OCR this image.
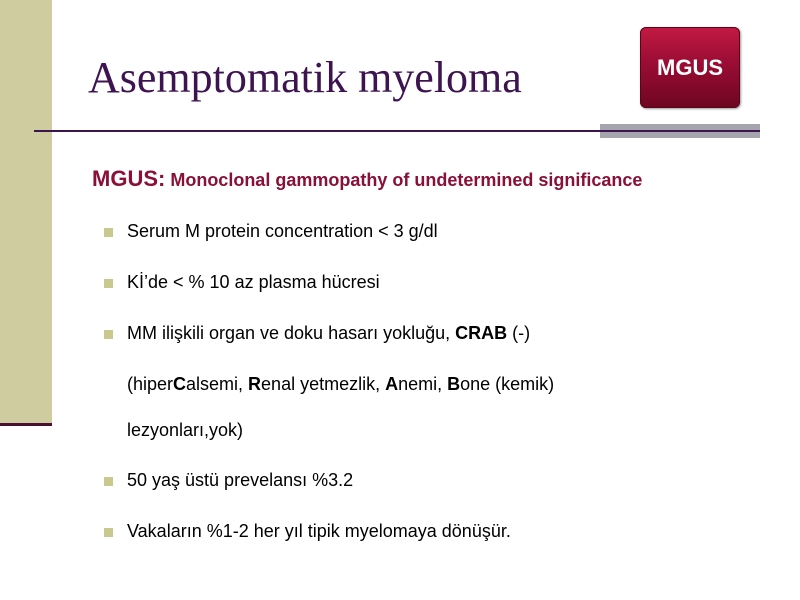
Asemptomatik myeloma	MGUS
MGUS: Monoclonal gammopathy of undetermined significance
Serum M protein concentration < 3 g/dl
Kİ’de < % 10 az plasma hücresi
MM ilişkili organ ve doku hasarı yokluğu, CRAB (-)
(hiperCalsemi, Renal yetmezlik, Anemi, Bone (kemik)
lezyonları,yok)
50 yaş üstü prevelansı %3.2
Vakaların %1-2 her yıl tipik myelomaya dönüşür.
